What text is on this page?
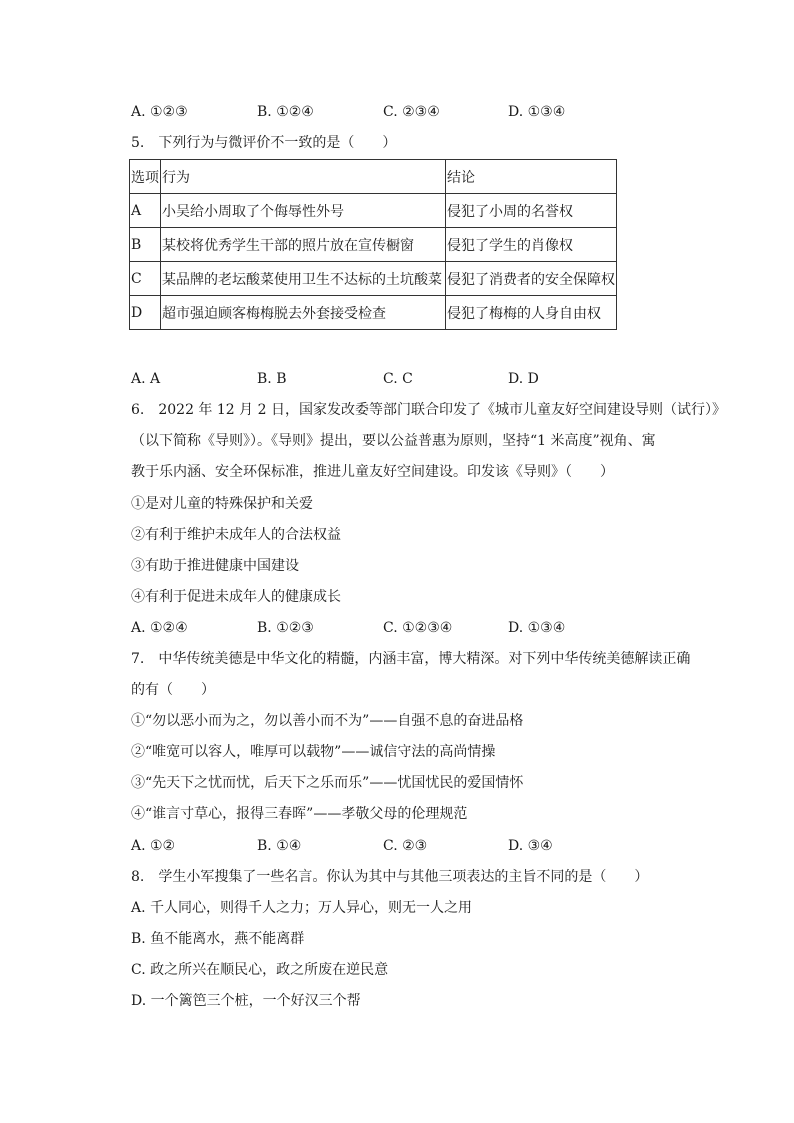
A. ①②③	B. ①②④	C. ②③④	D. ①③④
5.　下列行为与微评价不一致的是（　　）
选项	行为	结论
A	小吴给小周取了个侮辱性外号	侵犯了小周的名誉权
B	某校将优秀学生干部的照片放在宣传橱窗	侵犯了学生的肖像权
C	某品牌的老坛酸菜使用卫生不达标的土坑酸菜	侵犯了消费者的安全保障权
D	超市强迫顾客梅梅脱去外套接受检查	侵犯了梅梅的人身自由权
A. A	B. B	C. C	D. D
6.　2022 年 12 月 2 日，国家发改委等部门联合印发了《城市儿童友好空间建设导则（试行）》
（以下简称《导则》）。《导则》提出，要以公益普惠为原则，坚持“1 米高度”视角、寓
教于乐内涵、安全环保标准，推进儿童友好空间建设。印发该《导则》（　　）
①是对儿童的特殊保护和关爱
②有利于维护未成年人的合法权益
③有助于推进健康中国建设
④有利于促进未成年人的健康成长
A. ①②④	B. ①②③	C. ①②③④	D. ①③④
7.　中华传统美德是中华文化的精髓，内涵丰富，博大精深。对下列中华传统美德解读正确
的有（　　）
①“勿以恶小而为之，勿以善小而不为”——自强不息的奋进品格
②“唯宽可以容人，唯厚可以载物”——诚信守法的高尚情操
③“先天下之忧而忧，后天下之乐而乐”——忧国忧民的爱国情怀
④“谁言寸草心，报得三春晖”——孝敬父母的伦理规范
A. ①②	B. ①④	C. ②③	D. ③④
8.　学生小军搜集了一些名言。你认为其中与其他三项表达的主旨不同的是（　　）
A. 千人同心，则得千人之力；万人异心，则无一人之用
B. 鱼不能离水，燕不能离群
C. 政之所兴在顺民心，政之所废在逆民意
D. 一个篱笆三个桩，一个好汉三个帮
